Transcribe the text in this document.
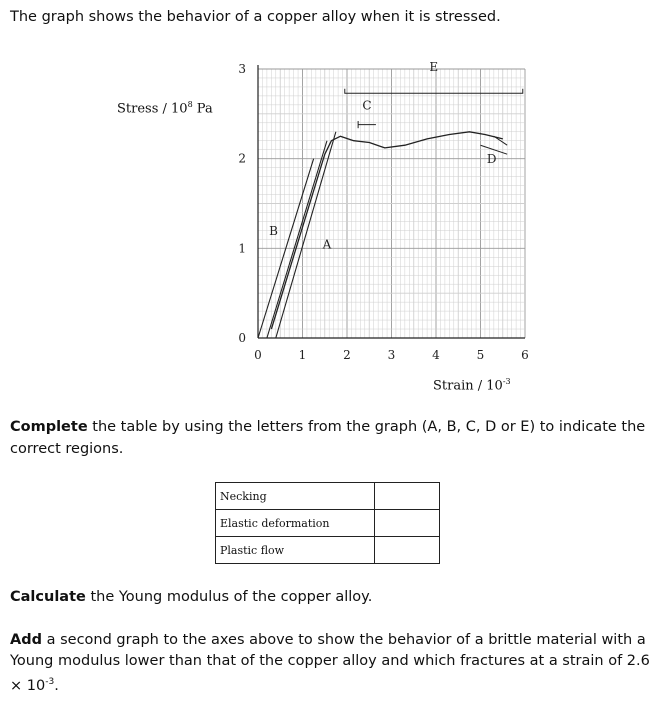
The graph shows the behavior of a copper alloy when it is stressed.
Stress / $10^8$ Pa
0	1	2	3	4	5	6
0
1
2
3
A
B
C
D
E
Strain / $10^{-3}$
Complete the table by using the letters from the graph (A, B, C, D or E) to indicate the correct regions.
Necking	
Elastic deformation	
Plastic flow	
Calculate the Young modulus of the copper alloy.
Add a second graph to the axes above to show the behavior of a brittle material with a Young modulus lower than that of the copper alloy and which fractures at a strain of $2.6 \times 10^{-3}$.
